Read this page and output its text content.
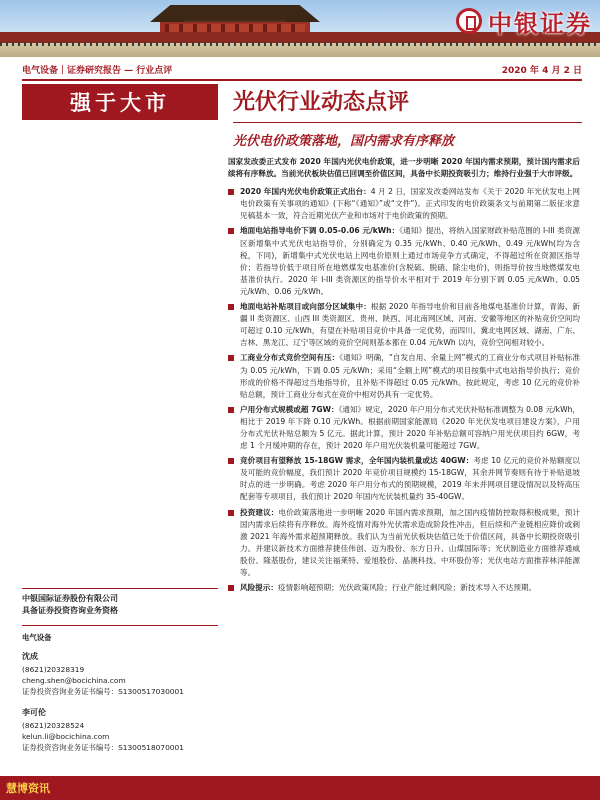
中银证券
电气设备｜证券研究报告 — 行业点评	2020 年 4 月 2 日
强于大市	光伏行业动态点评
光伏电价政策落地，国内需求有序释放

国家发改委正式发布 2020 年国内光伏电价政策，进一步明晰 2020 年国内需求预期，预计国内需求后续将有序释放。当前光伏板块估值已回调至价值区间，具备中长期投资吸引力；维持行业强于大市评级。

2020 年国内光伏电价政策正式出台：4 月 2 日，国家发改委网站发布《关于 2020 年光伏发电上网电价政策有关事项的通知》(下称“《通知》”或“文件”)。正式印发的电价政策条文与前期第二版征求意见稿基本一致，符合近期光伏产业和市场对于电价政策的预期。
地面电站指导电价下调 0.05-0.06 元/kWh：《通知》提出，将纳入国家财政补贴范围的 I-III 类资源区新增集中式光伏电站指导价，分别确定为 0.35 元/kWh、0.40 元/kWh、0.49 元/kWh(均为含税，下同)，新增集中式光伏电站上网电价原则上通过市场竞争方式确定，不得超过所在资源区指导价；若指导价低于项目所在地燃煤发电基准价(含脱硫、脱硝、除尘电价)，则指导价按当地燃煤发电基准价执行。2020 年 I-III 类资源区的指导价水平相对于 2019 年分别下调 0.05 元/kWh、0.05 元/kWh、0.06 元/kWh。
地面电站补贴项目或向部分区域集中：根据 2020 年指导电价和目前各地煤电基准价计算，青海、新疆 II 类资源区、山西 III 类资源区、贵州、陕西、河北南网区域、河南、安徽等地区的补贴竞价空间均可超过 0.10 元/kWh，有望在补贴项目竞价中具备一定优势，而四川、冀北电网区域、湖南、广东、吉林、黑龙江、辽宁等区域的竞价空间则基本都在 0.04 元/kWh 以内，竞价空间相对较小。
工商业分布式竞价空间有压：《通知》明确，“自发自用、余量上网”模式的工商业分布式项目补贴标准为 0.05 元/kWh，下调 0.05 元/kWh；采用“全额上网”模式的项目按集中式电站指导价执行；竞价形成的价格不得超过当地指导价，且补贴不得超过 0.05 元/kWh。按此规定，考虑 10 亿元的竞价补贴总额，预计工商业分布式在竞价中相对仍具有一定优势。
户用分布式规模或超 7GW：《通知》规定，2020 年户用分布式光伏补贴标准调整为 0.08 元/kWh，相比于 2019 年下降 0.10 元/kWh。根据前期国家能源局《2020 年光伏发电项目建设方案》，户用分布式光伏补贴总额为 5 亿元。据此计算，预计 2020 年补贴总额可容纳户用光伏项目约 6GW，考虑 1 个月缓冲期的存在，预计 2020 年户用光伏装机量可能超过 7GW。
竞价项目有望释放 15-18GW 需求，全年国内装机量或达 40GW：考虑 10 亿元的竞价补贴额度以及可能的竞价幅度，我们预计 2020 年竞价项目规模约 15-18GW，其余并网节奏则有待于补贴退坡时点的进一步明确。考虑 2020 年户用分布式的预期规模，2019 年未并网项目建设情况以及特高压配套等专项项目，我们预计 2020 年国内光伏装机量约 35-40GW。
投资建议：电价政策落地进一步明晰 2020 年国内需求预期，加之国内疫情防控取得积极成果，预计国内需求后续将有序释放。海外疫情对海外光伏需求造成阶段性冲击，但后续和产业链相应降价或刺激 2021 年海外需求超预期释放。我们认为当前光伏板块估值已处于价值区间，具备中长期投资吸引力。并建议新技术方面推荐捷佳伟创、迈为股份、东方日升、山煤国际等；光伏制造业方面推荐通威股份、隆基股份，建议关注福莱特、爱旭股份、晶澳科技、中环股份等；光伏电站方面推荐林洋能源等。
风险提示：疫情影响超预期；光伏政策风险；行业产能过剩风险；新技术导入不达预期。
中银国际证券股份有限公司
具备证券投资咨询业务资格
电气设备
沈成
(8621)20328319
cheng.shen@bocichina.com
证券投资咨询业务证书编号：S1300517030001
李可伦
(8621)20328524
kelun.li@bocichina.com
证券投资咨询业务证书编号：S1300518070001
慧博资讯
